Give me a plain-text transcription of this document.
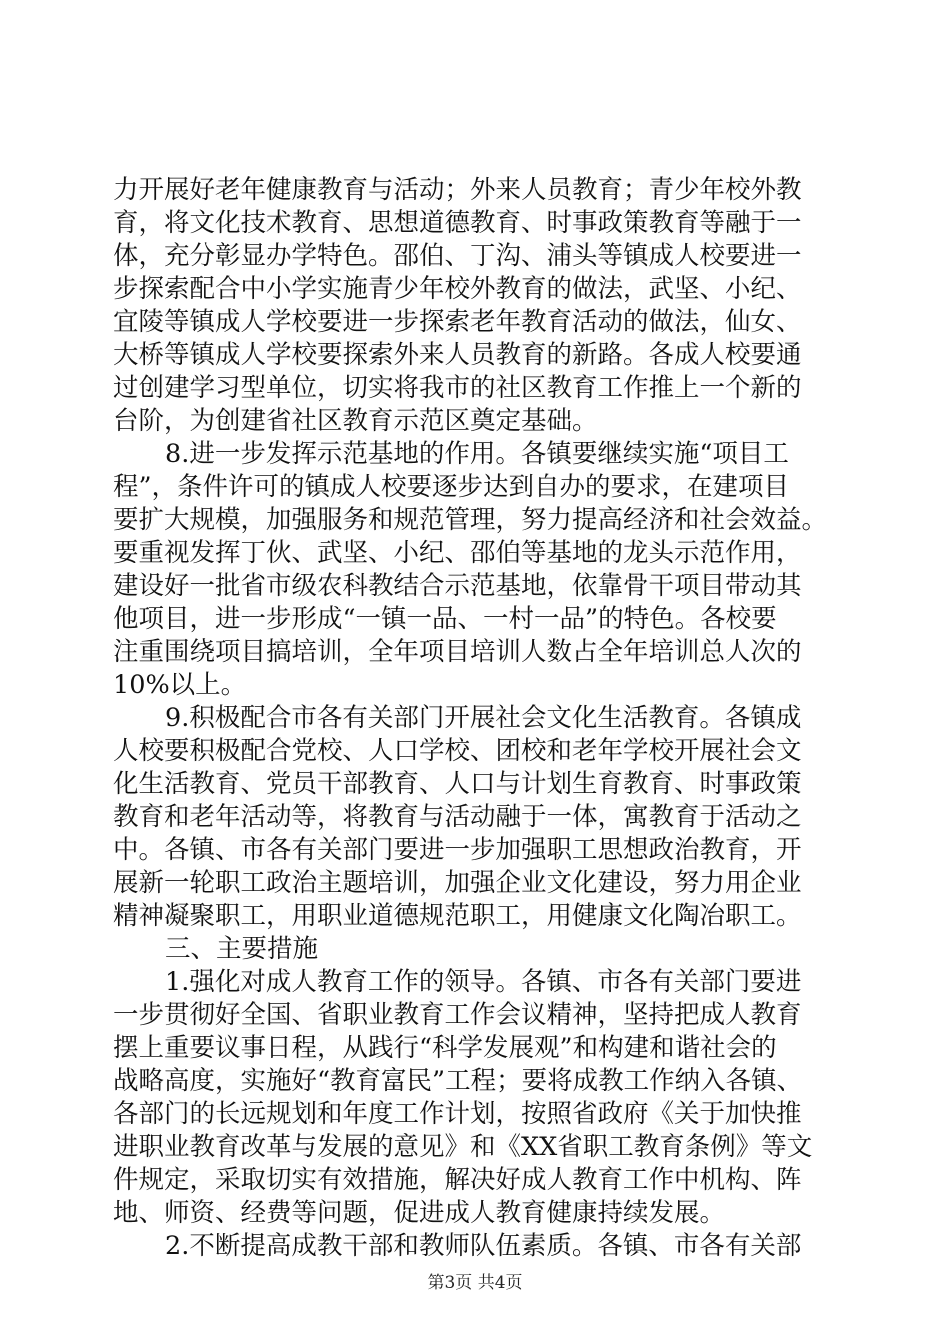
力开展好老年健康教育与活动；外来人员教育；青少年校外教
育，将文化技术教育、思想道德教育、时事政策教育等融于一
体，充分彰显办学特色。邵伯、丁沟、浦头等镇成人校要进一
步探索配合中小学实施青少年校外教育的做法，武坚、小纪、
宜陵等镇成人学校要进一步探索老年教育活动的做法，仙女、
大桥等镇成人学校要探索外来人员教育的新路。各成人校要通
过创建学习型单位，切实将我市的社区教育工作推上一个新的
台阶，为创建省社区教育示范区奠定基础。
8.进一步发挥示范基地的作用。各镇要继续实施“项目工
程”，条件许可的镇成人校要逐步达到自办的要求，在建项目
要扩大规模，加强服务和规范管理，努力提高经济和社会效益。
要重视发挥丁伙、武坚、小纪、邵伯等基地的龙头示范作用，
建设好一批省市级农科教结合示范基地，依靠骨干项目带动其
他项目，进一步形成“一镇一品、一村一品”的特色。各校要
注重围绕项目搞培训，全年项目培训人数占全年培训总人次的
10%以上。
9.积极配合市各有关部门开展社会文化生活教育。各镇成
人校要积极配合党校、人口学校、团校和老年学校开展社会文
化生活教育、党员干部教育、人口与计划生育教育、时事政策
教育和老年活动等，将教育与活动融于一体，寓教育于活动之
中。各镇、市各有关部门要进一步加强职工思想政治教育，开
展新一轮职工政治主题培训，加强企业文化建设，努力用企业
精神凝聚职工，用职业道德规范职工，用健康文化陶冶职工。
三、主要措施
1.强化对成人教育工作的领导。各镇、市各有关部门要进
一步贯彻好全国、省职业教育工作会议精神，坚持把成人教育
摆上重要议事日程，从践行“科学发展观”和构建和谐社会的
战略高度，实施好“教育富民”工程；要将成教工作纳入各镇、
各部门的长远规划和年度工作计划，按照省政府《关于加快推
进职业教育改革与发展的意见》和《XX省职工教育条例》等文
件规定，采取切实有效措施，解决好成人教育工作中机构、阵
地、师资、经费等问题，促进成人教育健康持续发展。
2.不断提高成教干部和教师队伍素质。各镇、市各有关部
第3页 共4页
